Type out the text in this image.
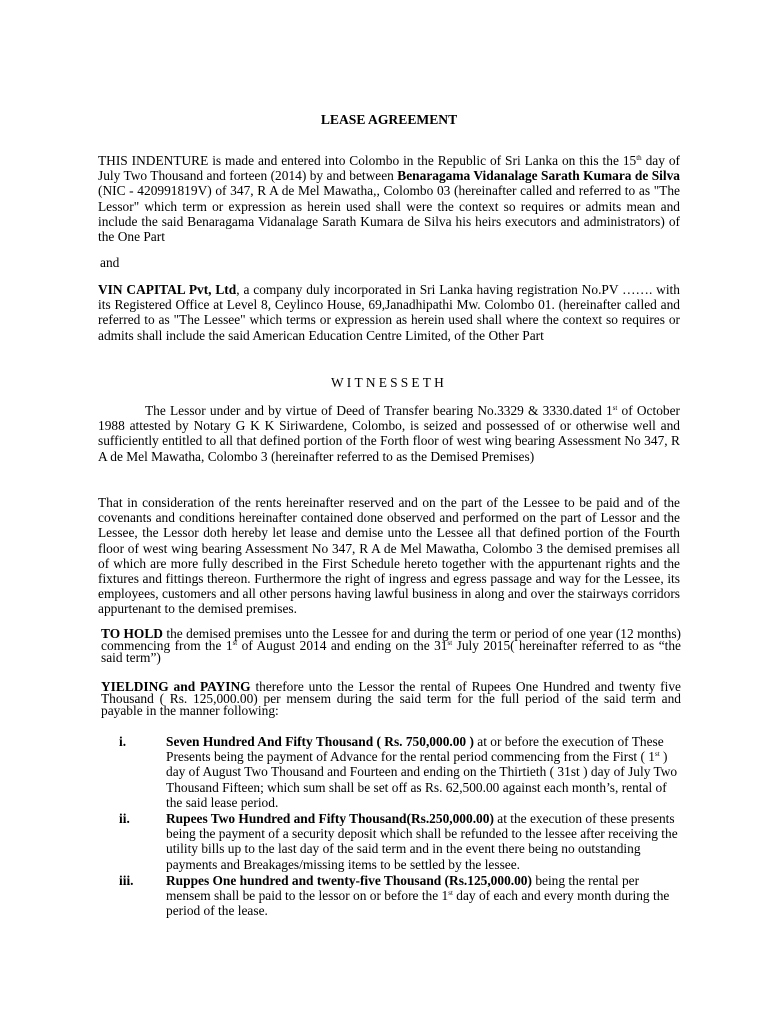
LEASE AGREEMENT
THIS INDENTURE is made and entered into Colombo in the Republic of Sri Lanka on this the 15th day of July Two Thousand and forteen (2014) by and between Benaragama Vidanalage Sarath Kumara de Silva (NIC - 420991819V) of 347, R A de Mel Mawatha,, Colombo 03 (hereinafter called and referred to as "The Lessor" which term or expression as herein used shall were the context so requires or admits mean and include the said Benaragama Vidanalage Sarath Kumara de Silva his heirs executors and administrators) of the One Part
and
VIN CAPITAL Pvt, Ltd, a company duly incorporated in Sri Lanka having registration No.PV ……. with its Registered Office at Level 8, Ceylinco House, 69,Janadhipathi Mw. Colombo 01. (hereinafter called and referred to as "The Lessee" which terms or expression as herein used shall where the context so requires or admits shall include the said American Education Centre Limited, of the Other Part
WITNESSETH
The Lessor under and by virtue of Deed of Transfer bearing No.3329 & 3330.dated 1st of October 1988 attested by Notary G K K Siriwardene, Colombo, is seized and possessed of or otherwise well and sufficiently entitled to all that defined portion of the Forth floor of west wing bearing Assessment No 347, R A de Mel Mawatha, Colombo 3 (hereinafter referred to as the Demised Premises)
That in consideration of the rents hereinafter reserved and on the part of the Lessee to be paid and of the covenants and conditions hereinafter contained done observed and performed on the part of Lessor and the Lessee, the Lessor doth hereby let lease and demise unto the Lessee all that defined portion of the Fourth floor of west wing bearing Assessment No 347, R A de Mel Mawatha, Colombo 3 the demised premises all of which are more fully described in the First Schedule hereto together with the appurtenant rights and the fixtures and fittings thereon. Furthermore the right of ingress and egress passage and way for the Lessee, its employees, customers and all other persons having lawful business in along and over the stairways corridors appurtenant to the demised premises.
TO HOLD the demised premises unto the Lessee for and during the term or period of one year (12 months) commencing from the 1st of August 2014 and ending on the 31st July 2015( hereinafter referred to as “the said term”)
YIELDING and PAYING therefore unto the Lessor the rental of Rupees One Hundred and twenty five Thousand ( Rs. 125,000.00) per mensem during the said term for the full period of the said term and payable in the manner following:
i.	Seven Hundred And Fifty Thousand ( Rs. 750,000.00 ) at or before the execution of These Presents being the payment of Advance for the rental period commencing from the First ( 1st ) day of August Two Thousand and Fourteen and ending on the Thirtieth ( 31st ) day of July Two Thousand Fifteen; which sum shall be set off as Rs. 62,500.00 against each month’s, rental of the said lease period.
ii.	Rupees Two Hundred and Fifty Thousand(Rs.250,000.00) at the execution of these presents being the payment of a security deposit which shall be refunded to the lessee after receiving the utility bills up to the last day of the said term and in the event there being no outstanding payments and Breakages/missing items to be settled by the lessee.
iii.	Ruppes One hundred and twenty-five Thousand (Rs.125,000.00) being the rental per mensem shall be paid to the lessor on or before the 1st day of each and every month during the period of the lease.
